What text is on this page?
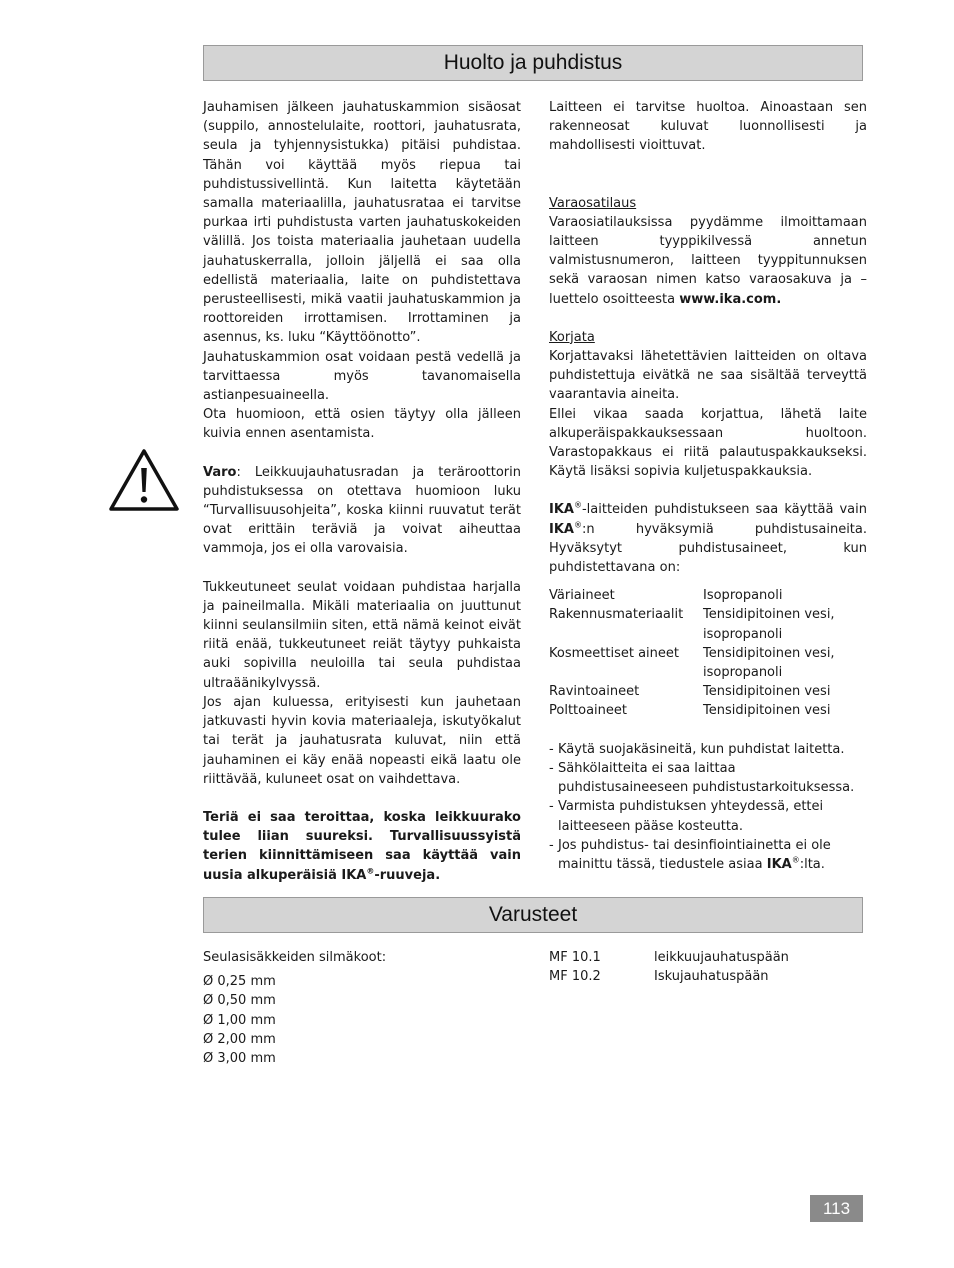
Huolto ja puhdistus

Jauhamisen jälkeen jauhatuskammion sisäosat (suppilo, annostelulaite, roottori, jauhatusrata, seula ja tyhjennysistukka) pitäisi puhdistaa. Tähän voi käyttää myös riepua tai puhdistussivellintä. Kun laitetta käytetään samalla materiaalilla, jauhatusrataa ei tarvitse purkaa irti puhdistusta varten jauhatuskokeiden välillä. Jos toista materiaalia jauhetaan uudella jauhatuskerralla, jolloin jäljellä ei saa olla edellistä materiaalia, laite on puhdistettava perusteellisesti, mikä vaatii jauhatuskammion ja roottoreiden irrottamisen. Irrottaminen ja asennus, ks. luku “Käyttöönotto”.

Jauhatuskammion osat voidaan pestä vedellä ja tarvittaessa myös tavanomaisella astianpesuaineella.

Ota huomioon, että osien täytyy olla jälleen kuivia ennen asentamista.

Varo: Leikkuujauhatusradan ja teräroottorin puhdistuksessa on otettava huomioon luku “Turvallisuusohjeita”, koska kiinni ruuvatut terät ovat erittäin teräviä ja voivat aiheuttaa vammoja, jos ei olla varovaisia.

Tukkeutuneet seulat voidaan puhdistaa harjalla ja paineilmalla. Mikäli materiaalia on juuttunut kiinni seulansilmiin siten, että nämä keinot eivät riitä enää, tukkeutuneet reiät täytyy puhkaista auki sopivilla neuloilla tai seula puhdistaa ultraäänikylvyssä.

Jos ajan kuluessa, erityisesti kun jauhetaan jatkuvasti hyvin kovia materiaaleja, iskutyökalut tai terät ja jauhatusrata kuluvat, niin että jauhaminen ei käy enää nopeasti eikä laatu ole riittävää, kuluneet osat on vaihdettava.

Teriä ei saa teroittaa, koska leikkuurako tulee liian suureksi. Turvallisuussyistä terien kiinnittämiseen saa käyttää vain uusia alkuperäisiä IKA®-ruuveja.

Laitteen ei tarvitse huoltoa. Ainoastaan sen rakenneosat kuluvat luonnollisesti ja mahdollisesti vioittuvat.

Varaosatilaus

Varaosiatilauksissa pyydämme ilmoittamaan laitteen tyyppikilvessä annetun valmistusnumeron, laitteen tyyppitunnuksen sekä varaosan nimen katso varaosakuva ja –luettelo osoitteesta www.ika.com.

Korjata

Korjattavaksi lähetettävien laitteiden on oltava puhdistettuja eivätkä ne saa sisältää terveyttä vaarantavia aineita.

Ellei vikaa saada korjattua, lähetä laite alkuperäispakkauksessaan huoltoon. Varastopakkaus ei riitä palautuspakkaukseksi. Käytä lisäksi sopivia kuljetuspakkauksia.

IKA®-laitteiden puhdistukseen saa käyttää vain IKA®:n hyväksymiä puhdistusaineita. Hyväksytyt puhdistusaineet, kun puhdistettavana on:

Väriaineet	Isopropanoli
Rakennusmateriaalit	Tensidipitoinen vesi, isopropanoli
Kosmeettiset aineet	Tensidipitoinen vesi, isopropanoli
Ravintoaineet	Tensidipitoinen vesi
Polttoaineet	Tensidipitoinen vesi
- Käytä suojakäsineitä, kun puhdistat laitetta.
- Sähkölaitteita ei saa laittaa puhdistusaineeseen puhdistustarkoituksessa.
- Varmista puhdistuksen yhteydessä, ettei laitteeseen pääse kosteutta.
- Jos puhdistus- tai desinfiointiainetta ei ole mainittu tässä, tiedustele asiaa IKA®:lta.
Varusteet

Seulasisäkkeiden silmäkoot:

Ø 0,25 mm

Ø 0,50 mm

Ø 1,00 mm

Ø 2,00 mm

Ø 3,00 mm

MF 10.1	leikkuujauhatuspään
MF 10.2	Iskujauhatuspään
113
